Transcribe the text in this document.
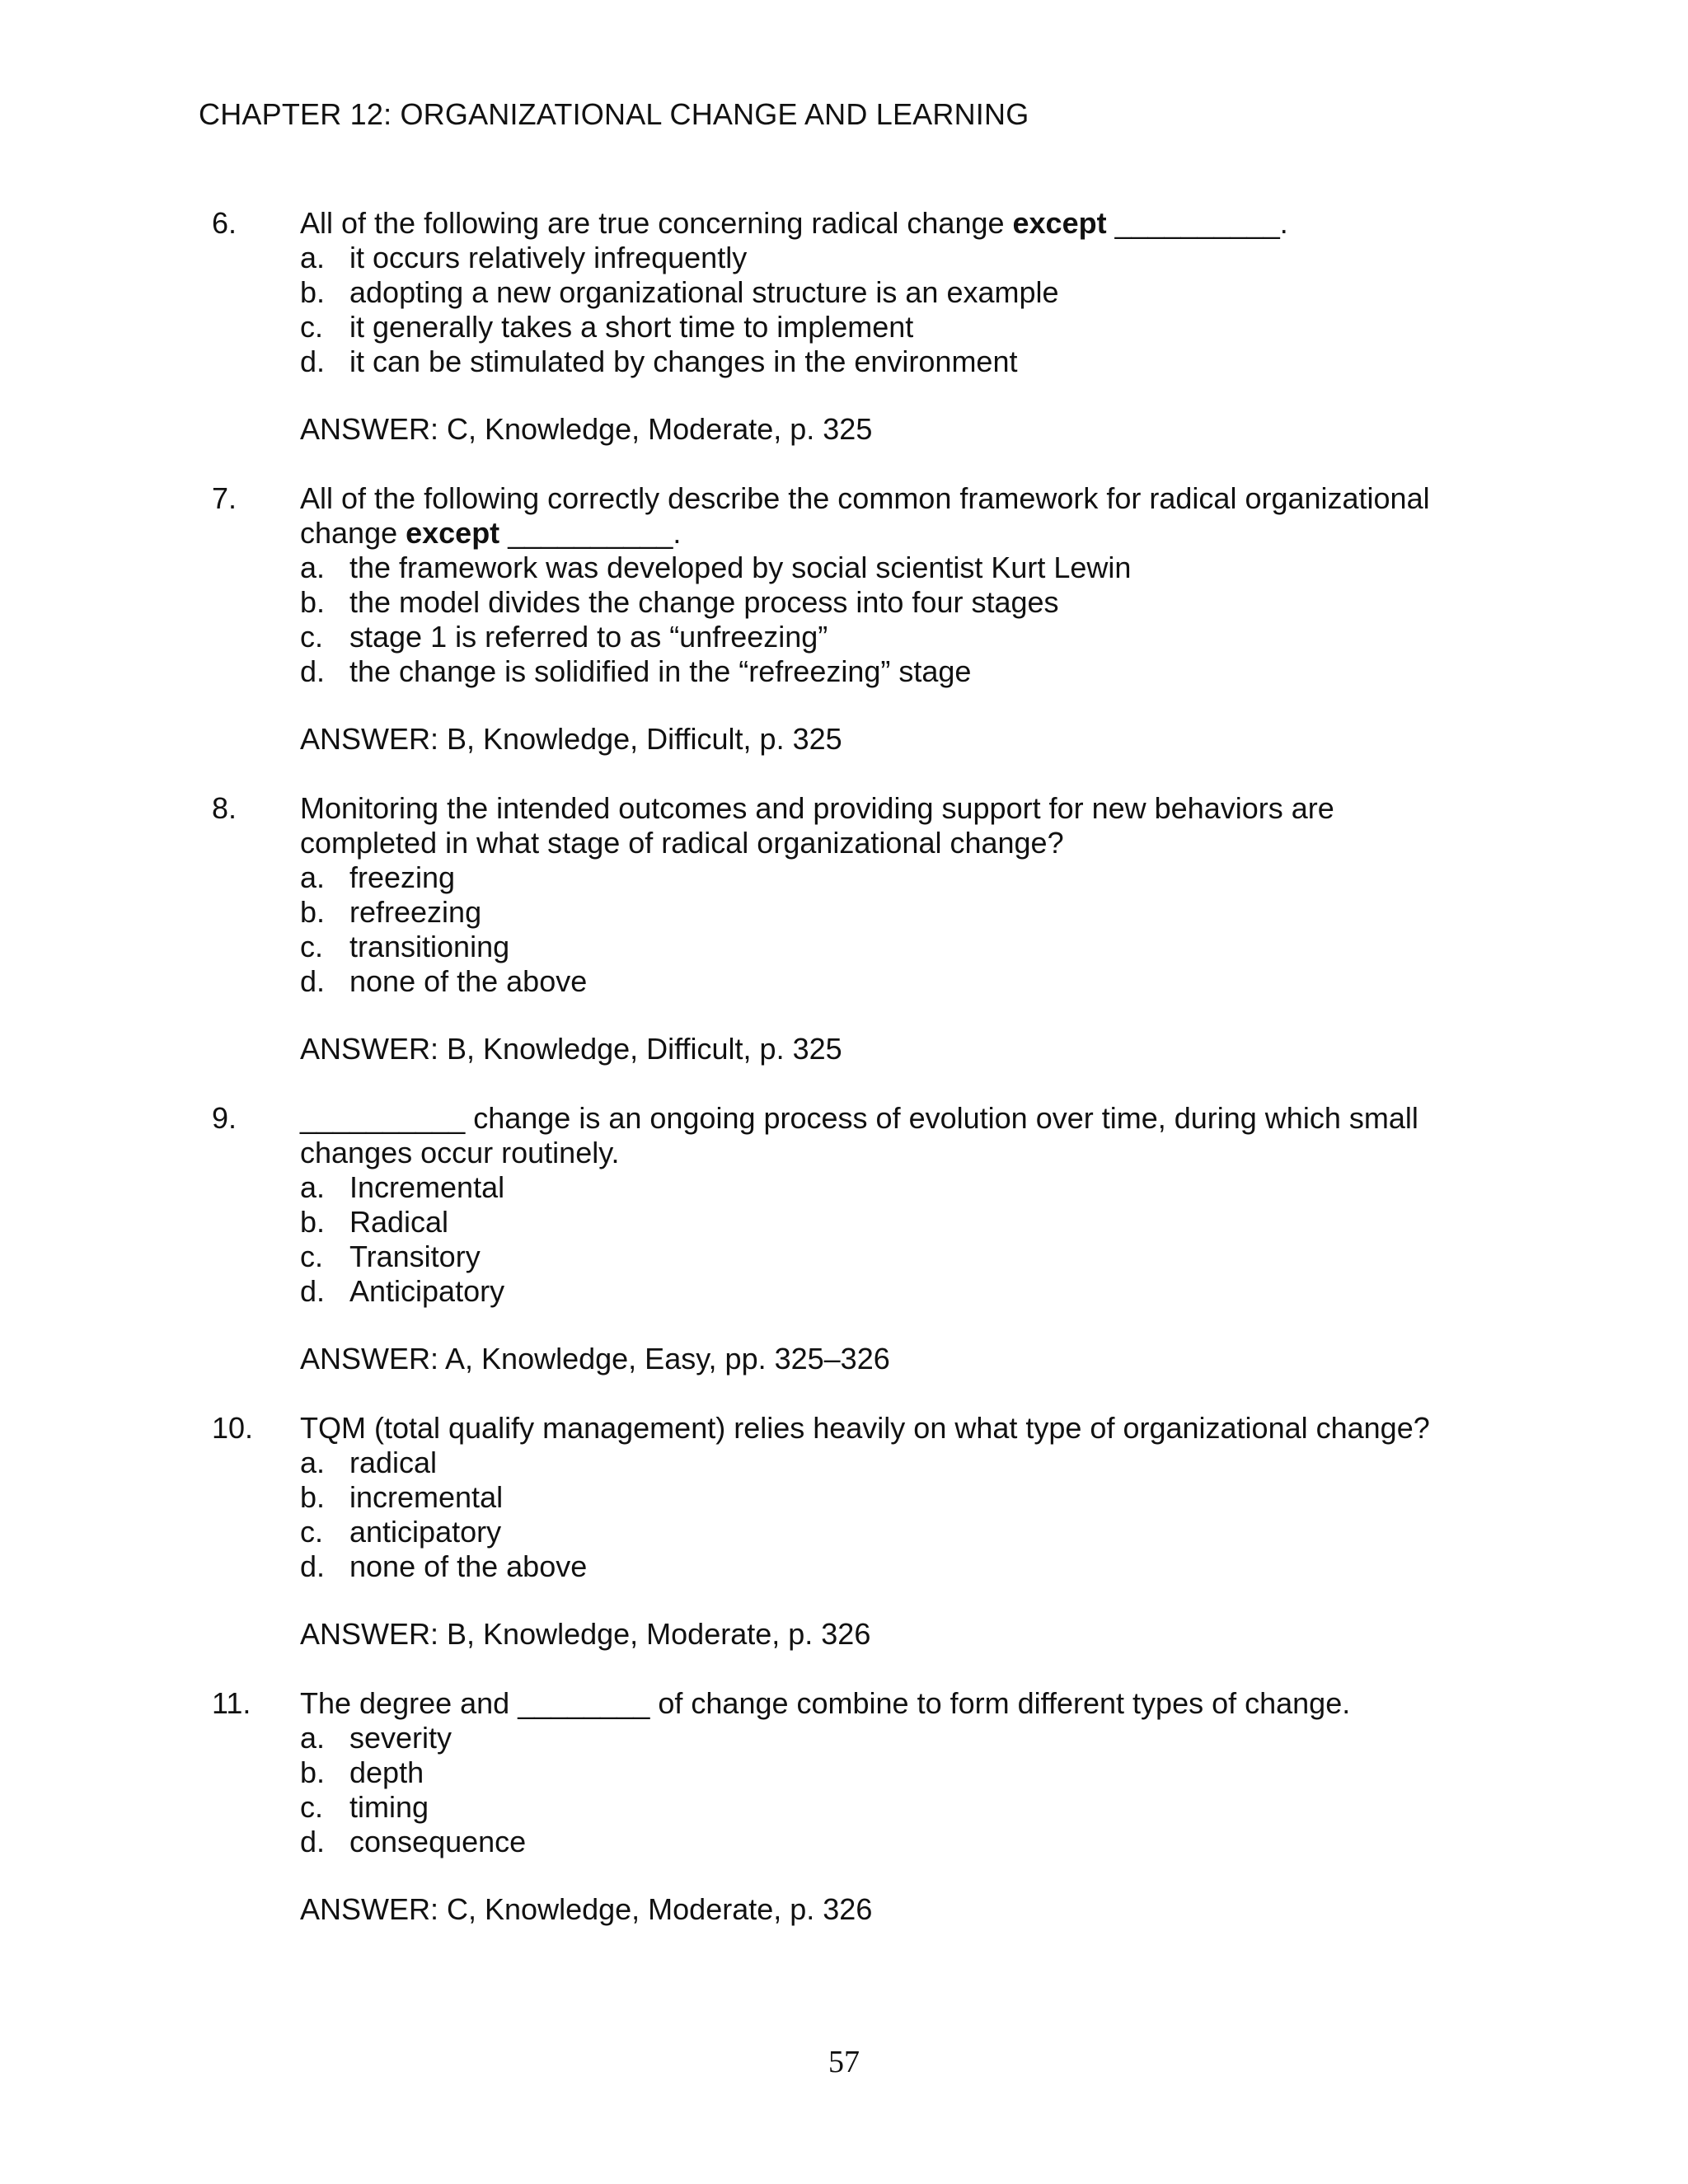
CHAPTER 12: ORGANIZATIONAL CHANGE AND LEARNING
6. All of the following are true concerning radical change except __________.

a. it occurs relatively infrequently
b. adopting a new organizational structure is an example
c. it generally takes a short time to implement
d. it can be stimulated by changes in the environment
ANSWER: C, Knowledge, Moderate, p. 325
7. All of the following correctly describe the common framework for radical organizational

change except __________.

a. the framework was developed by social scientist Kurt Lewin
b. the model divides the change process into four stages
c. stage 1 is referred to as “unfreezing”
d. the change is solidified in the “refreezing” stage
ANSWER: B, Knowledge, Difficult, p. 325
8. Monitoring the intended outcomes and providing support for new behaviors are

completed in what stage of radical organizational change?

a. freezing
b. refreezing
c. transitioning
d. none of the above
ANSWER: B, Knowledge, Difficult, p. 325
9. __________ change is an ongoing process of evolution over time, during which small

changes occur routinely.

a. Incremental
b. Radical
c. Transitory
d. Anticipatory
ANSWER: A, Knowledge, Easy, pp. 325–326
10. TQM (total qualify management) relies heavily on what type of organizational change?

a. radical
b. incremental
c. anticipatory
d. none of the above
ANSWER: B, Knowledge, Moderate, p. 326
11. The degree and ________ of change combine to form different types of change.

a. severity
b. depth
c. timing
d. consequence
ANSWER: C, Knowledge, Moderate, p. 326
57
